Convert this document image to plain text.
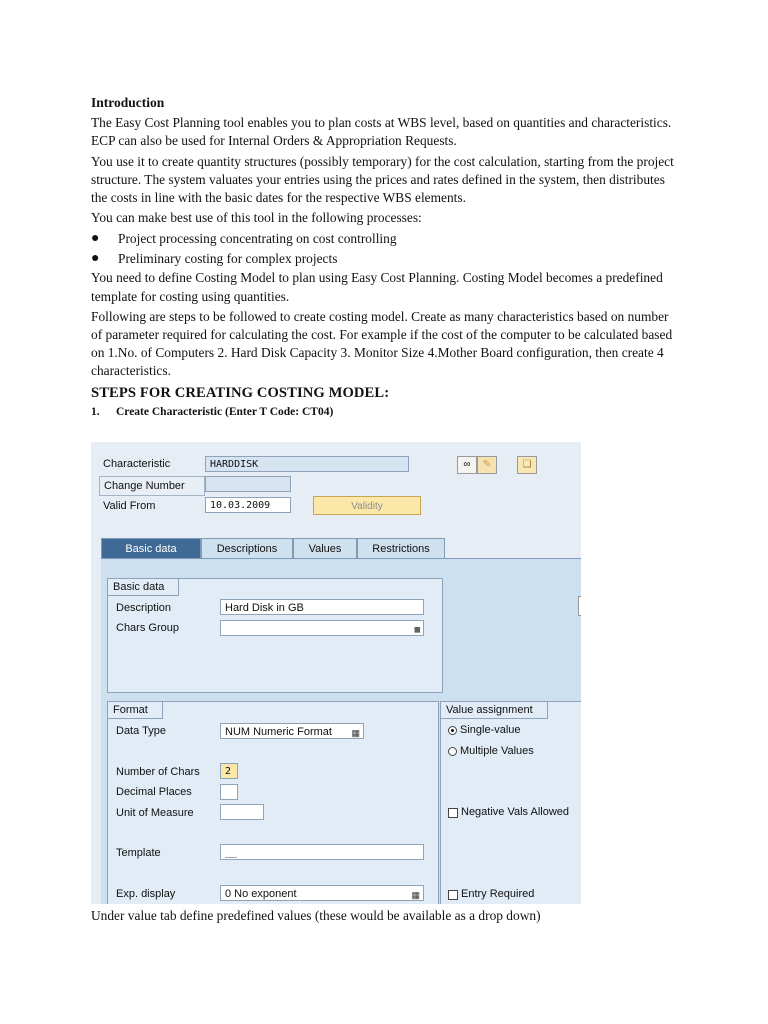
Introduction

The Easy Cost Planning tool enables you to plan costs at WBS level, based on quantities and characteristics. ECP can also be used for Internal Orders & Appropriation Requests.

You use it to create quantity structures (possibly temporary) for the cost calculation, starting from the project structure. The system valuates your entries using the prices and rates defined in the system, then distributes the costs in line with the basic dates for the respective WBS elements.

You can make best use of this tool in the following processes:

● Project processing concentrating on cost controlling
● Preliminary costing for complex projects

You need to define Costing Model to plan using Easy Cost Planning. Costing Model becomes a predefined template for costing using quantities.

Following are steps to be followed to create costing model. Create as many characteristics based on number of parameter required for calculating the cost. For example if the cost of the computer to be calculated based on 1.No. of Computers 2. Hard Disk Capacity 3. Monitor Size 4.Mother Board configuration, then create 4 characteristics.

STEPS FOR CREATING COSTING MODEL:

1. Create Characteristic (Enter T Code: CT04)

Characteristic	HARDDISK
Change Number
Valid From	10.03.2009	Validity
∞	✎	❏
Basic data	Descriptions	Values	Restrictions
Basic data
Description	Hard Disk in GB
Chars Group	▦
Format
Data Type	NUM Numeric Format ▦
Number of Chars	2
Decimal Places
Unit of Measure
Template	__
Exp. display	0 No exponent	▦
Value assignment
Single-value
Multiple Values
Negative Vals Allowed
Entry Required

Under value tab define predefined values (these would be available as a drop down)
